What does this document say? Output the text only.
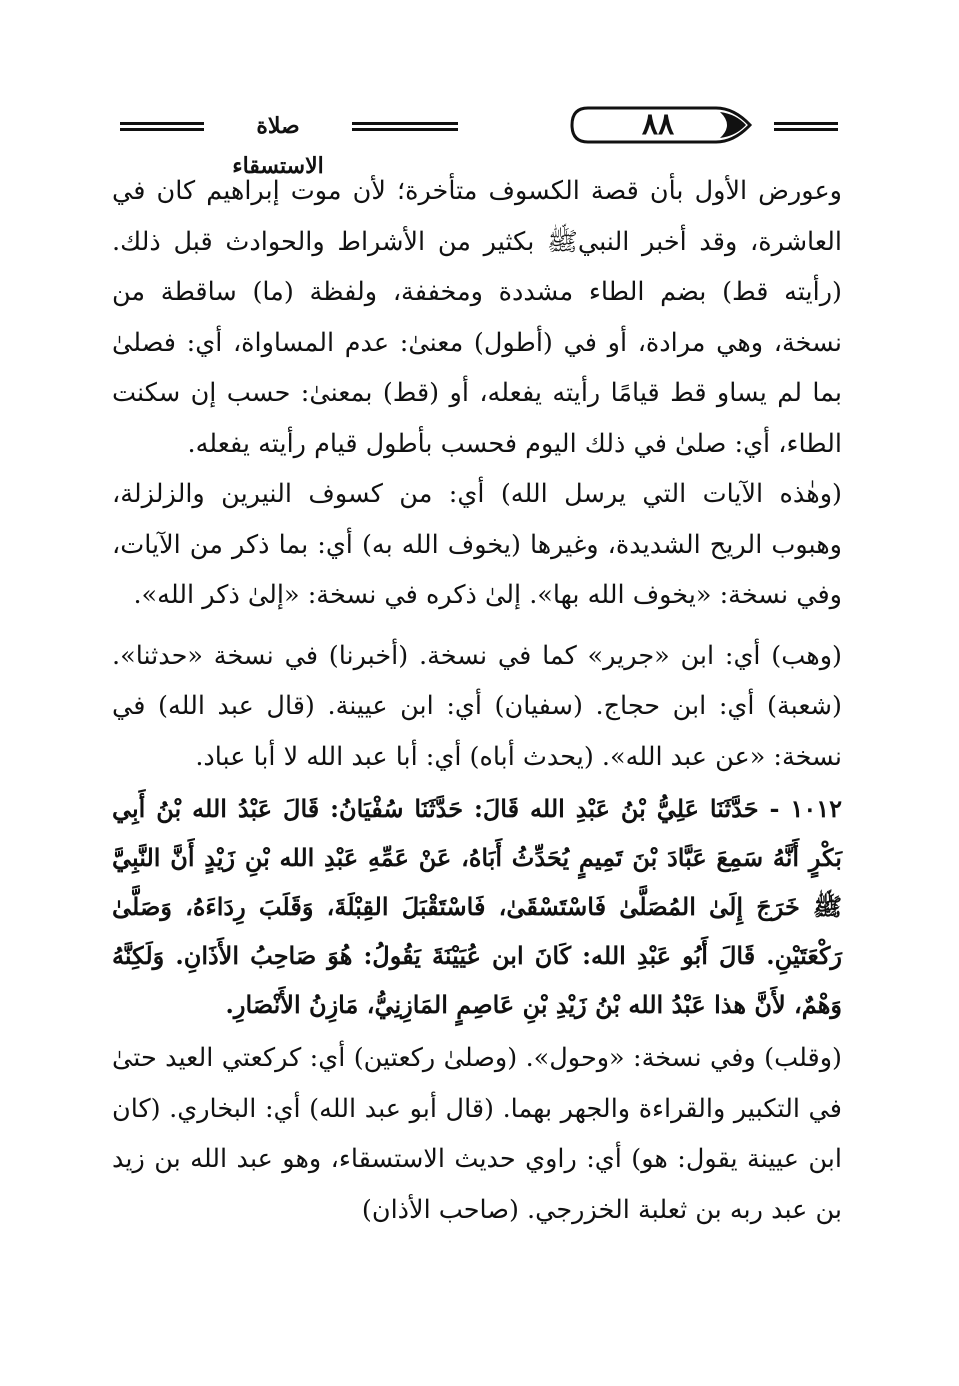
صلاة الاستسقاء
٨٨

وعورض الأول بأن قصة الكسوف متأخرة؛ لأن موت إبراهيم كان في العاشرة، وقد أخبر النبيﷺ بكثير من الأشراط والحوادث قبل ذلك. (رأيته قط) بضم الطاء مشددة ومخففة، ولفظة (ما) ساقطة من نسخة، وهي مرادة، أو في (أطول) معنىٰ: عدم المساواة، أي: فصلىٰ بما لم يساو قط قيامًا رأيته يفعله، أو (قط) بمعنىٰ: حسب إن سكنت الطاء، أي: صلىٰ في ذلك اليوم فحسب بأطول قيام رأيته يفعله.

(وهٰذه الآيات التي يرسل الله) أي: من كسوف النيرين والزلزلة، وهبوب الريح الشديدة، وغيرها (يخوف الله به) أي: بما ذكر من الآيات، وفي نسخة: «يخوف الله بها». إلىٰ ذكره في نسخة: «إلىٰ ذكر الله».

(وهب) أي: ابن «جرير» كما في نسخة. (أخبرنا) في نسخة «حدثنا». (شعبة) أي: ابن حجاج. (سفيان) أي: ابن عيينة. (قال عبد الله) في نسخة: «عن عبد الله». (يحدث أباه) أي: أبا عبد الله لا أبا عباد.

١٠١٢ - حَدَّثَنَا عَلِيُّ بْنُ عَبْدِ الله قَالَ: حَدَّثَنَا سُفْيَانُ: قَالَ عَبْدُ الله بْنُ أَبِي بَكْرٍ أَنَّهُ سَمِعَ عَبَّادَ بْنَ تَمِيمٍ يُحَدِّثُ أَبَاهُ، عَنْ عَمِّهِ عَبْدِ الله بْنِ زَيْدٍ أَنَّ النَّبِيَّ ﷺ خَرَجَ إِلَىٰ المُصَلَّىٰ فَاسْتَسْقَىٰ، فَاسْتَقْبَلَ القِبْلَةَ، وَقَلَبَ رِدَاءَهُ، وَصَلَّىٰ رَكْعَتَيْنِ. قَالَ أَبُو عَبْدِ الله: كَانَ ابن عُيَيْنَةَ يَقُولُ: هُوَ صَاحِبُ الأَذَانِ. وَلَكِنَّهُ وَهْمٌ، لأَنَّ هذا عَبْدُ الله بْنُ زَيْدِ بْنِ عَاصِمٍ المَازِنِيُّ، مَازِنُ الأَنْصَارِ.

(وقلب) وفي نسخة: «وحول». (وصلىٰ ركعتين) أي: كركعتي العيد حتىٰ في التكبير والقراءة والجهر بهما. (قال أبو عبد الله) أي: البخاري. (كان ابن عيينة يقول: هو) أي: راوي حديث الاستسقاء، وهو عبد الله بن زيد بن عبد ربه بن ثعلبة الخزرجي. (صاحب الأذان)
